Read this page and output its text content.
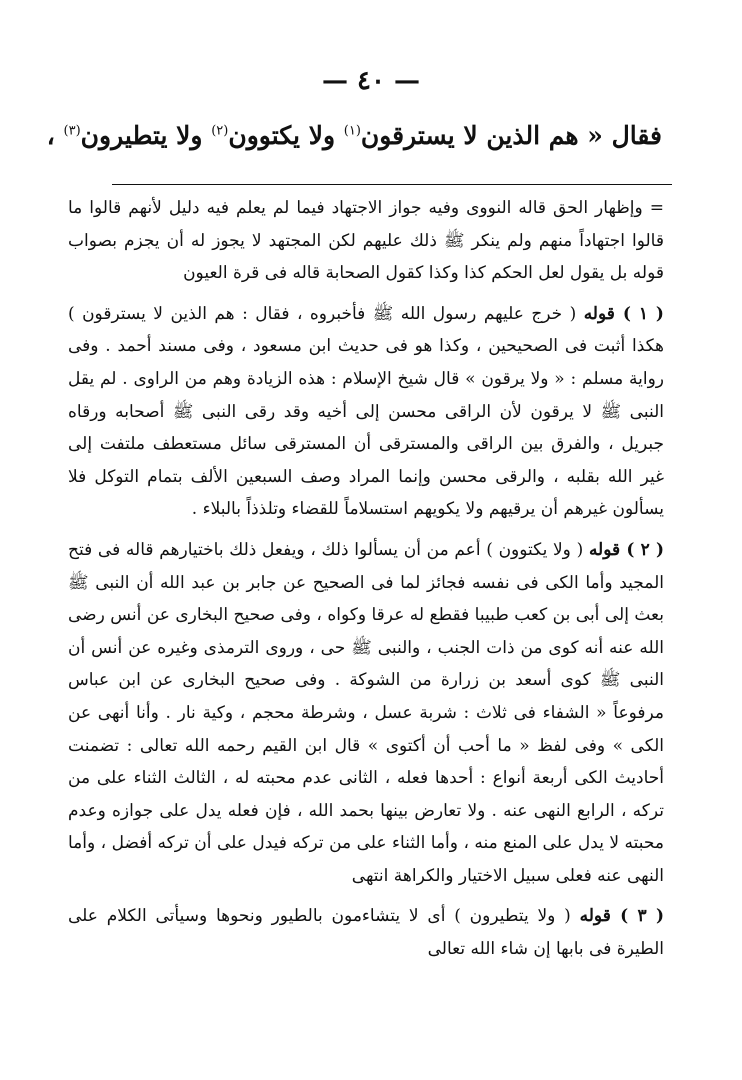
— ٤٠ —
فقال « هم الذين لا يسترقون$^{(١)}$ ولا يكتوون$^{(٢)}$ ولا يتطيرون$^{(٣)}$ ،

= وإظهار الحق قاله النووى وفيه جواز الاجتهاد فيما لم يعلم فيه دليل لأنهم قالوا ما قالوا اجتهاداً منهم ولم ينكر ﷺ ذلك عليهم لكن المجتهد لا يجوز له أن يجزم بصواب قوله بل يقول لعل الحكم كذا وكذا كقول الصحابة قاله فى قرة العيون

( ١ ) قوله ( خرج عليهم رسول الله ﷺ فأخبروه ، فقال : هم الذين لا يسترقون ) هكذا أثبت فى الصحيحين ، وكذا هو فى حديث ابن مسعود ، وفى مسند أحمد . وفى رواية مسلم : « ولا يرقون » قال شيخ الإسلام : هذه الزيادة وهم من الراوى . لم يقل النبى ﷺ لا يرقون لأن الراقى محسن إلى أخيه وقد رقى النبى ﷺ أصحابه ورقاه جبريل ، والفرق بين الراقى والمسترقى أن المسترقى سائل مستعطف ملتفت إلى غير الله بقلبه ، والرقى محسن وإنما المراد وصف السبعين الألف بتمام التوكل فلا يسألون غيرهم أن يرقيهم ولا يكويهم استسلاماً للقضاء وتلذذاً بالبلاء .

( ٢ ) قوله ( ولا يكتوون ) أعم من أن يسألوا ذلك ، ويفعل ذلك باختيارهم قاله فى فتح المجيد وأما الكى فى نفسه فجائز لما فى الصحيح عن جابر بن عبد الله أن النبى ﷺ بعث إلى أبى بن كعب طبيبا فقطع له عرقا وكواه ، وفى صحيح البخارى عن أنس رضى الله عنه أنه كوى من ذات الجنب ، والنبى ﷺ حى ، وروى الترمذى وغيره عن أنس أن النبى ﷺ كوى أسعد بن زرارة من الشوكة . وفى صحيح البخارى عن ابن عباس مرفوعاً « الشفاء فى ثلاث : شربة عسل ، وشرطة محجم ، وكية نار . وأنا أنهى عن الكى » وفى لفظ « ما أحب أن أكتوى » قال ابن القيم رحمه الله تعالى : تضمنت أحاديث الكى أربعة أنواع : أحدها فعله ، الثانى عدم محبته له ، الثالث الثناء على من تركه ، الرابع النهى عنه . ولا تعارض بينها بحمد الله ، فإن فعله يدل على جوازه وعدم محبته لا يدل على المنع منه ، وأما الثناء على من تركه فيدل على أن تركه أفضل ، وأما النهى عنه فعلى سبيل الاختيار والكراهة انتهى

( ٣ ) قوله ( ولا يتطيرون ) أى لا يتشاءمون بالطيور ونحوها وسيأتى الكلام على الطيرة فى بابها إن شاء الله تعالى
